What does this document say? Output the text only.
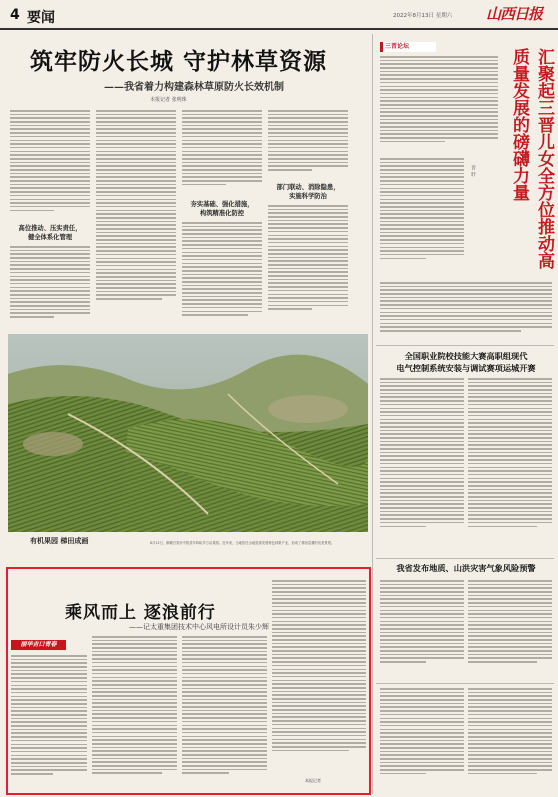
4 要闻	2022年8月13日 星期六 山西日报
筑牢防火长城 守护林草资源
——我省着力构建森林草原防火长效机制
本报记者 张明珠
高位推动、压实责任，
健全体系化管理
夯实基础、强化措施，
构筑精准化防控
部门联动、消除隐患，
实施科学防治
有机果园 梯田成画	8月12日，俯瞰吕梁市中阳县车鸣峪乡万亩果园。近年来，当地依托山地资源发展特色林果产业，形成了梯田层叠的优美景观。
乘风而上 逐浪前行
——记太重集团技术中心风电所设计员朱少辉
丽华吉口青春
本报记者
三晋论坛
汇聚起三晋儿女全方位推动高质量发展的磅礴力量
晋 轩
全国职业院校技能大赛高职组现代
电气控制系统安装与调试赛项运城开赛
我省发布地质、山洪灾害气象风险预警
